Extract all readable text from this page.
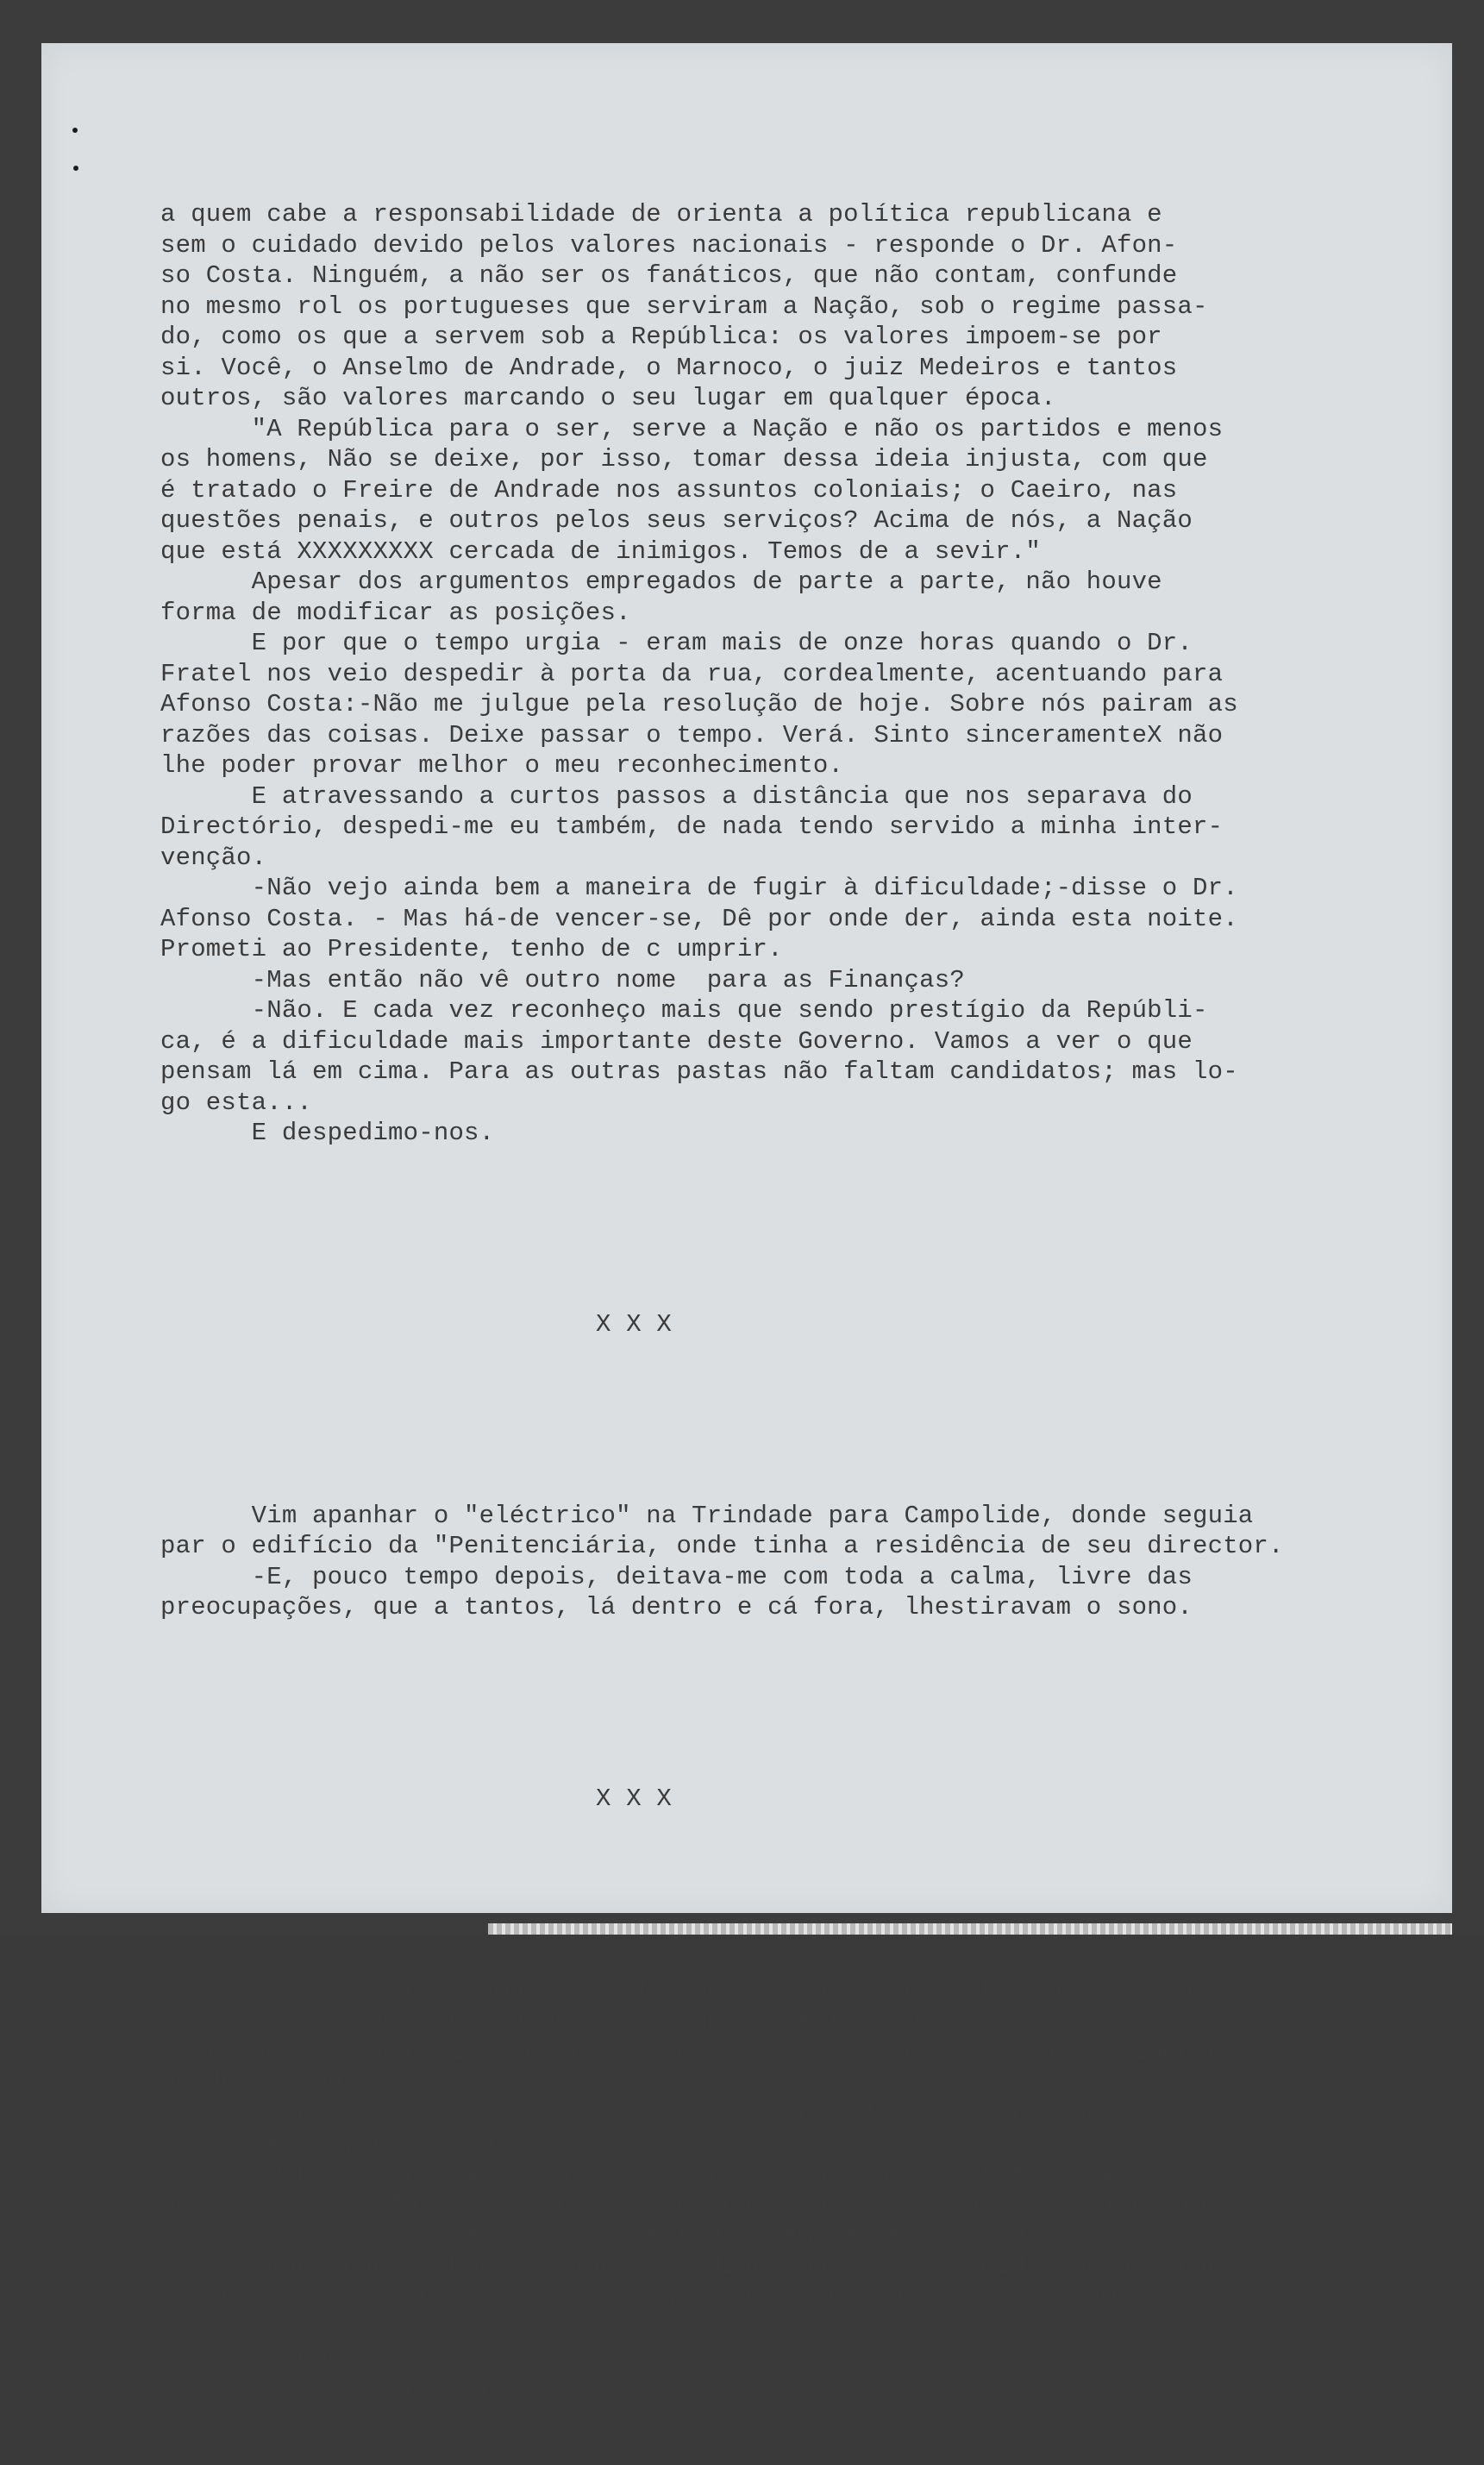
a quem cabe a responsabilidade de orienta a política republicana e
sem o cuidado devido pelos valores nacionais - responde o Dr. Afon-
so Costa. Ninguém, a não ser os fanáticos, que não contam, confunde
no mesmo rol os portugueses que serviram a Nação, sob o regime passa-
do, como os que a servem sob a República: os valores impoem-se por
si. Você, o Anselmo de Andrade, o Marnoco, o juiz Medeiros e tantos
outros, são valores marcando o seu lugar em qualquer época.
"A República para o ser, serve a Nação e não os partidos e menos
os homens, Não se deixe, por isso, tomar dessa ideia injusta, com que
é tratado o Freire de Andrade nos assuntos coloniais; o Caeiro, nas
questões penais, e outros pelos seus serviços? Acima de nós, a Nação
que está XXXXXXXXX cercada de inimigos. Temos de a sevir."
Apesar dos argumentos empregados de parte a parte, não houve
forma de modificar as posições.
E por que o tempo urgia - eram mais de onze horas quando o Dr.
Fratel nos veio despedir à porta da rua, cordealmente, acentuando para
Afonso Costa:-Não me julgue pela resolução de hoje. Sobre nós pairam as
razões das coisas. Deixe passar o tempo. Verá. Sinto sinceramenteX não
lhe poder provar melhor o meu reconhecimento.
E atravessando a curtos passos a distância que nos separava do
Directório, despedi-me eu também, de nada tendo servido a minha inter-
venção.
-Não vejo ainda bem a maneira de fugir à dificuldade;-disse o Dr.
Afonso Costa. - Mas há-de vencer-se, Dê por onde der, ainda esta noite.
Prometi ao Presidente, tenho de c umprir.
-Mas então não vê outro nome  para as Finanças?
-Não. E cada vez reconheço mais que sendo prestígio da Repúbli-
ca, é a dificuldade mais importante deste Governo. Vamos a ver o que
pensam lá em cima. Para as outras pastas não faltam candidatos; mas lo-
go esta...
E despedimo-nos.

X X X

Vim apanhar o "eléctrico" na Trindade para Campolide, donde seguia
par o edifício da "Penitenciária, onde tinha a residência de seu director.
-E, pouco tempo depois, deitava-me com toda a calma, livre das
preocupações, que a tantos, lá dentro e cá fora, lhestiravam o sono.

X X X

Seriam, porém, umas três da  madrugada quando o telefone que me vi-
giava sobre a mesa de cabeceira, sempre atento como queria estar a qual-
quer chamada imprevista do posto, central de guarda do estabelecimento,
me despertou.
Atendido, comecei a ouvir a voz inconfundível do Dr.Afonso Costa.
-Então, então que há?
-Olhe, quero dizer-lhe que o propuz para me substituir, indo ocu-
par a pasta do Interior par eu ir ocupar a das Finanças e Presidência.
Faço as coisas ao avesso do projectado, Tem de ser. Atendido?
-Não, não sr.Doutor. Não. Aturdido. mas não atendido, porque não
estou a sonhar. Quis brincar comigo. Mas, diga lá, e o caso como ficou
resolvido?
- Como lhe disse.
- Fraca hora para "blagues"...
